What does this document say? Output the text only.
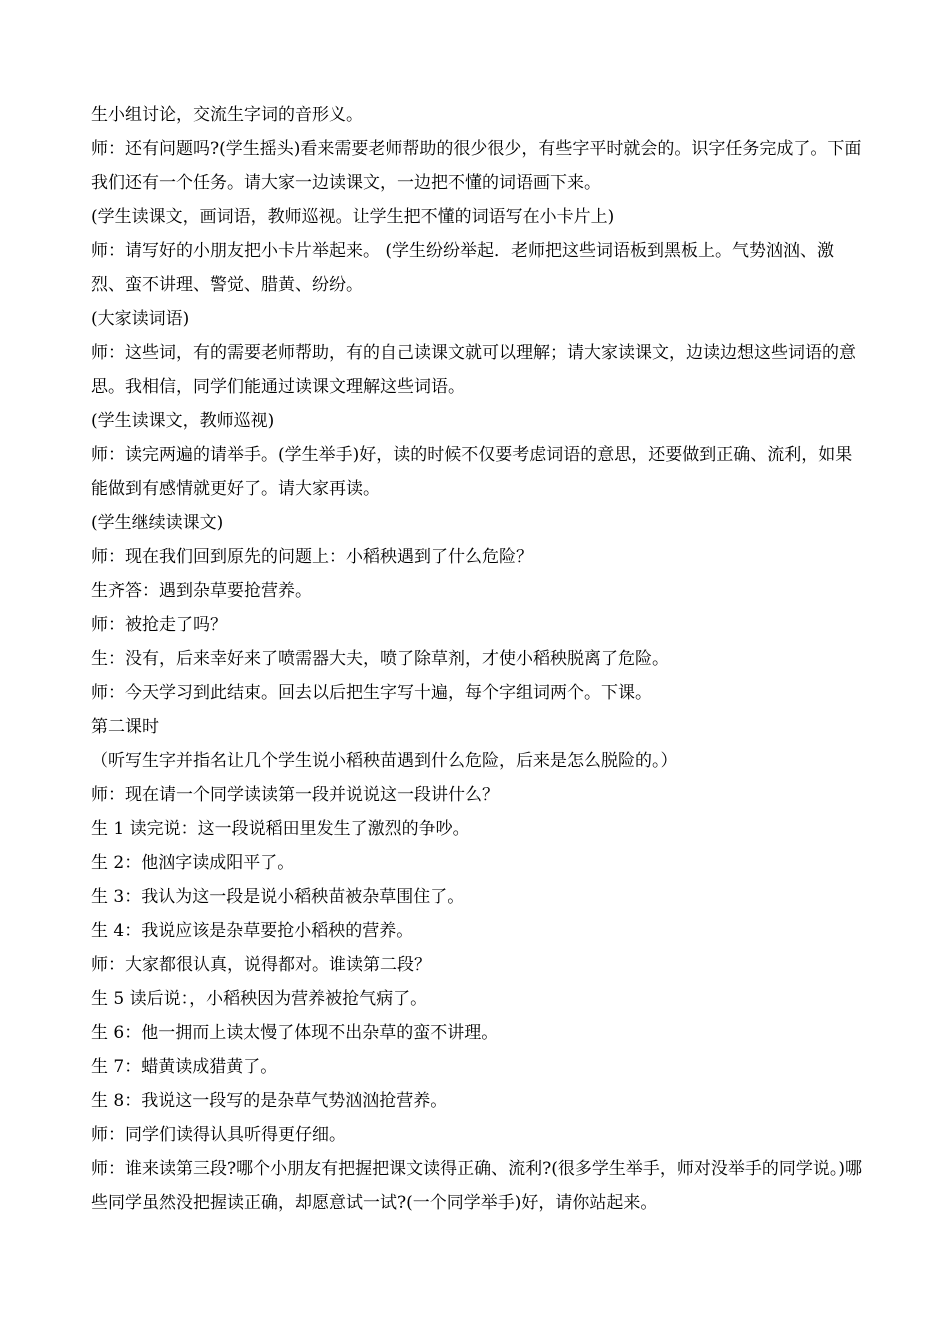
生小组讨论，交流生字词的音形义。

师：还有问题吗?(学生摇头)看来需要老师帮助的很少很少，有些字平时就会的。识字任务完成了。下面我们还有一个任务。请大家一边读课文，一边把不懂的词语画下来。

(学生读课文，画词语，教师巡视。让学生把不懂的词语写在小卡片上)

师：请写好的小朋友把小卡片举起来。 (学生纷纷举起．老师把这些词语板到黑板上。气势汹汹、激烈、蛮不讲理、警觉、腊黄、纷纷。

(大家读词语)

师：这些词，有的需要老师帮助，有的自己读课文就可以理解；请大家读课文，边读边想这些词语的意思。我相信，同学们能通过读课文理解这些词语。

(学生读课文，教师巡视)

师：读完两遍的请举手。(学生举手)好，读的时候不仅要考虑词语的意思，还要做到正确、流利，如果能做到有感情就更好了。请大家再读。

(学生继续读课文)

师：现在我们回到原先的问题上：小稻秧遇到了什么危险？

生齐答：遇到杂草要抢营养。

师：被抢走了吗？

生：没有，后来幸好来了喷需器大夫，喷了除草剂，才使小稻秧脱离了危险。

师：今天学习到此结束。回去以后把生字写十遍，每个字组词两个。下课。

第二课时

（听写生字并指名让几个学生说小稻秧苗遇到什么危险，后来是怎么脱险的。）

师：现在请一个同学读读第一段并说说这一段讲什么？

生 1 读完说：这一段说稻田里发生了激烈的争吵。

生 2：他汹字读成阳平了。

生 3：我认为这一段是说小稻秧苗被杂草围住了。

生 4：我说应该是杂草要抢小稻秧的营养。

师：大家都很认真，说得都对。谁读第二段？

生 5 读后说：，小稻秧因为营养被抢气病了。

生 6：他一拥而上读太慢了体现不出杂草的蛮不讲理。

生 7：蜡黄读成猎黄了。

生 8：我说这一段写的是杂草气势汹汹抢营养。

师：同学们读得认具听得更仔细。

师：谁来读第三段?哪个小朋友有把握把课文读得正确、流利?(很多学生举手，师对没举手的同学说。)哪些同学虽然没把握读正确，却愿意试一试?(一个同学举手)好，请你站起来。
